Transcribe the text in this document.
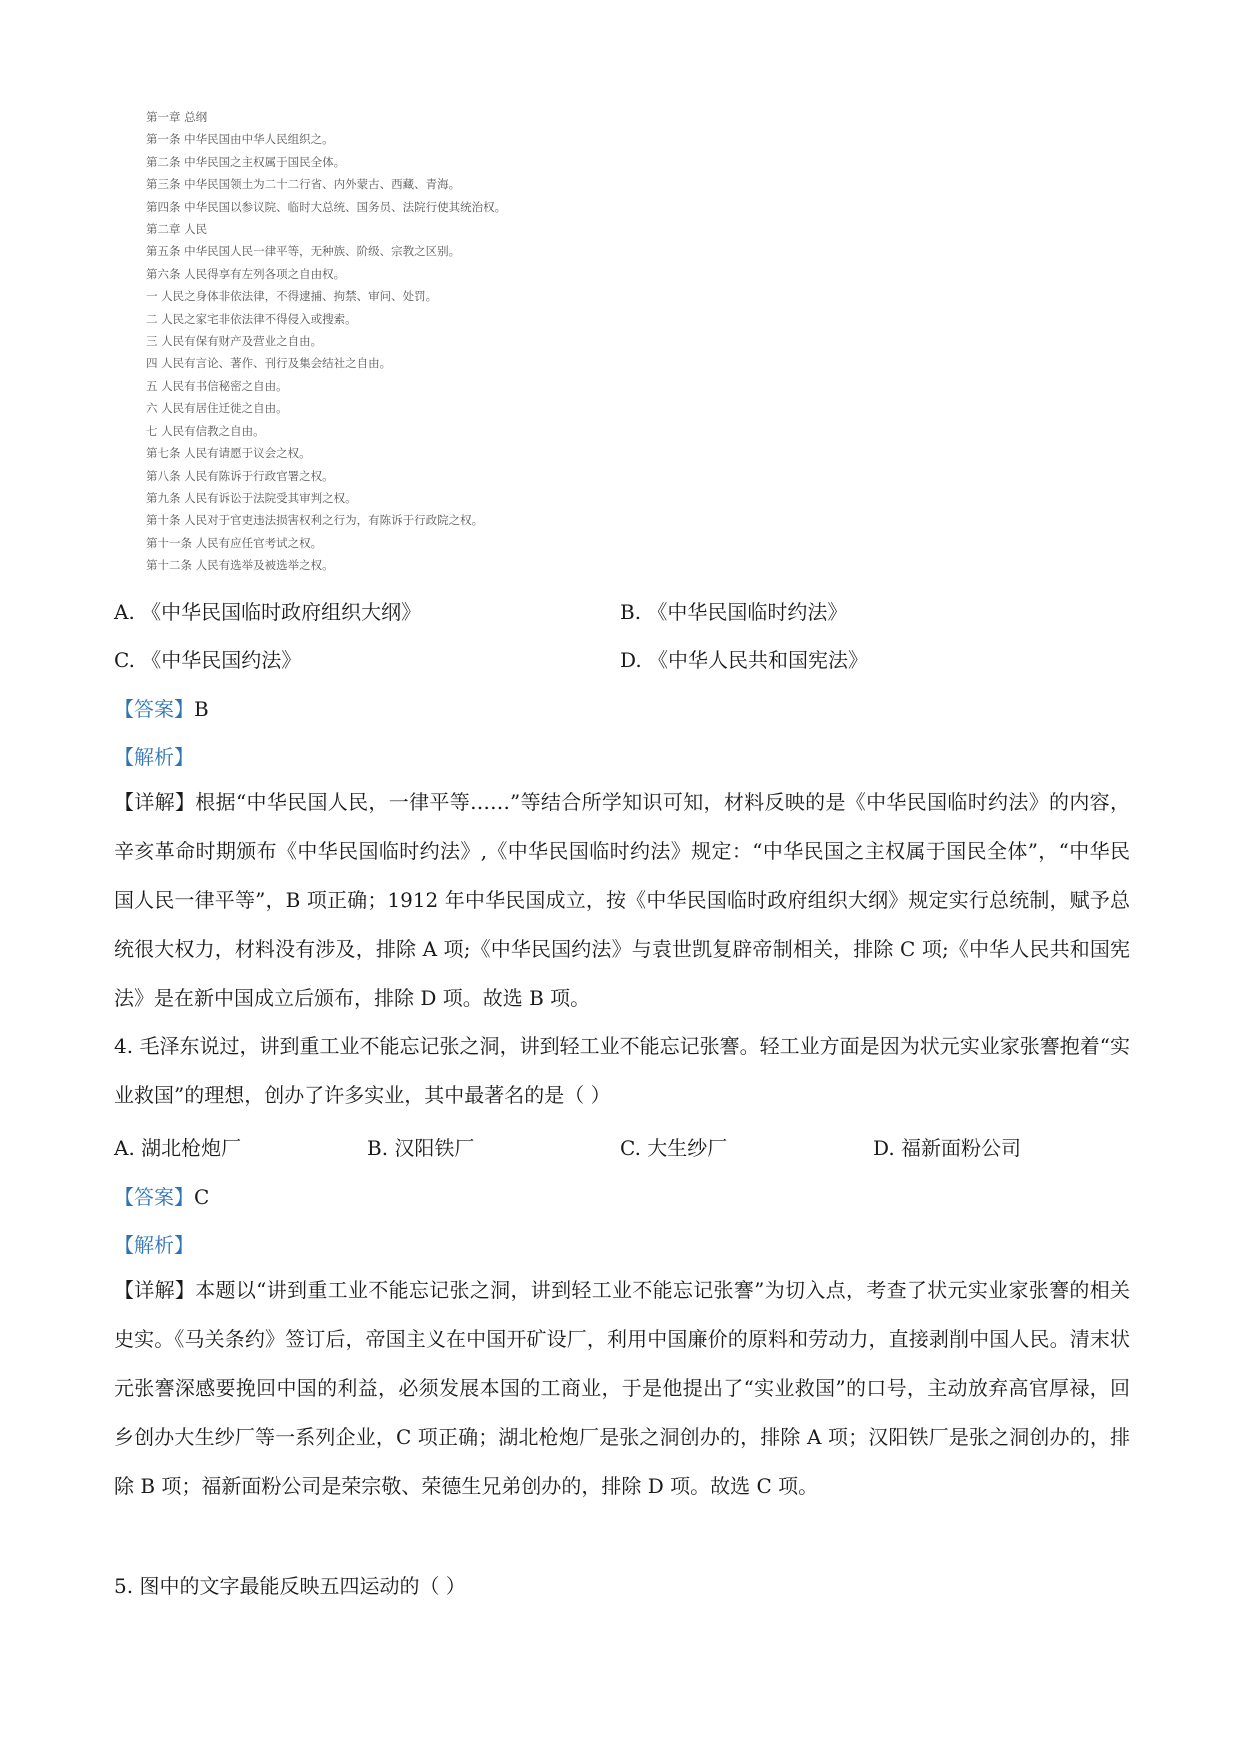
第一章 总纲
第一条 中华民国由中华人民组织之。
第二条 中华民国之主权属于国民全体。
第三条 中华民国领土为二十二行省、内外蒙古、西藏、青海。
第四条 中华民国以参议院、临时大总统、国务员、法院行使其统治权。
第二章 人民
第五条 中华民国人民一律平等，无种族、阶级、宗教之区别。
第六条 人民得享有左列各项之自由权。
一 人民之身体非依法律，不得逮捕、拘禁、审问、处罚。
二 人民之家宅非依法律不得侵入或搜索。
三 人民有保有财产及营业之自由。
四 人民有言论、著作、刊行及集会结社之自由。
五 人民有书信秘密之自由。
六 人民有居住迁徙之自由。
七 人民有信教之自由。
第七条 人民有请愿于议会之权。
第八条 人民有陈诉于行政官署之权。
第九条 人民有诉讼于法院受其审判之权。
第十条 人民对于官吏违法损害权利之行为，有陈诉于行政院之权。
第十一条 人民有应任官考试之权。
第十二条 人民有选举及被选举之权。
A. 《中华民国临时政府组织大纲》	B. 《中华民国临时约法》
C. 《中华民国约法》	D. 《中华人民共和国宪法》
【答案】B
【解析】
【详解】根据“中华民国人民，一律平等……”等结合所学知识可知，材料反映的是《中华民国临时约法》的内容，辛亥革命时期颁布《中华民国临时约法》,《中华民国临时约法》规定：“中华民国之主权属于国民全体”，“中华民国人民一律平等”，B 项正确；1912 年中华民国成立，按《中华民国临时政府组织大纲》规定实行总统制，赋予总统很大权力，材料没有涉及，排除 A 项;《中华民国约法》与袁世凯复辟帝制相关，排除 C 项;《中华人民共和国宪法》是在新中国成立后颁布，排除 D 项。故选 B 项。
4. 毛泽东说过，讲到重工业不能忘记张之洞，讲到轻工业不能忘记张謇。轻工业方面是因为状元实业家张謇抱着“实业救国”的理想，创办了许多实业，其中最著名的是（ ）
A. 湖北枪炮厂	B. 汉阳铁厂	C. 大生纱厂	D. 福新面粉公司
【答案】C
【解析】
【详解】本题以“讲到重工业不能忘记张之洞，讲到轻工业不能忘记张謇”为切入点，考查了状元实业家张謇的相关史实。《马关条约》签订后，帝国主义在中国开矿设厂，利用中国廉价的原料和劳动力，直接剥削中国人民。清末状元张謇深感要挽回中国的利益，必须发展本国的工商业，于是他提出了“实业救国”的口号，主动放弃高官厚禄，回乡创办大生纱厂等一系列企业，C 项正确；湖北枪炮厂是张之洞创办的，排除 A 项；汉阳铁厂是张之洞创办的，排除 B 项；福新面粉公司是荣宗敬、荣德生兄弟创办的，排除 D 项。故选 C 项。
5. 图中的文字最能反映五四运动的（ ）
